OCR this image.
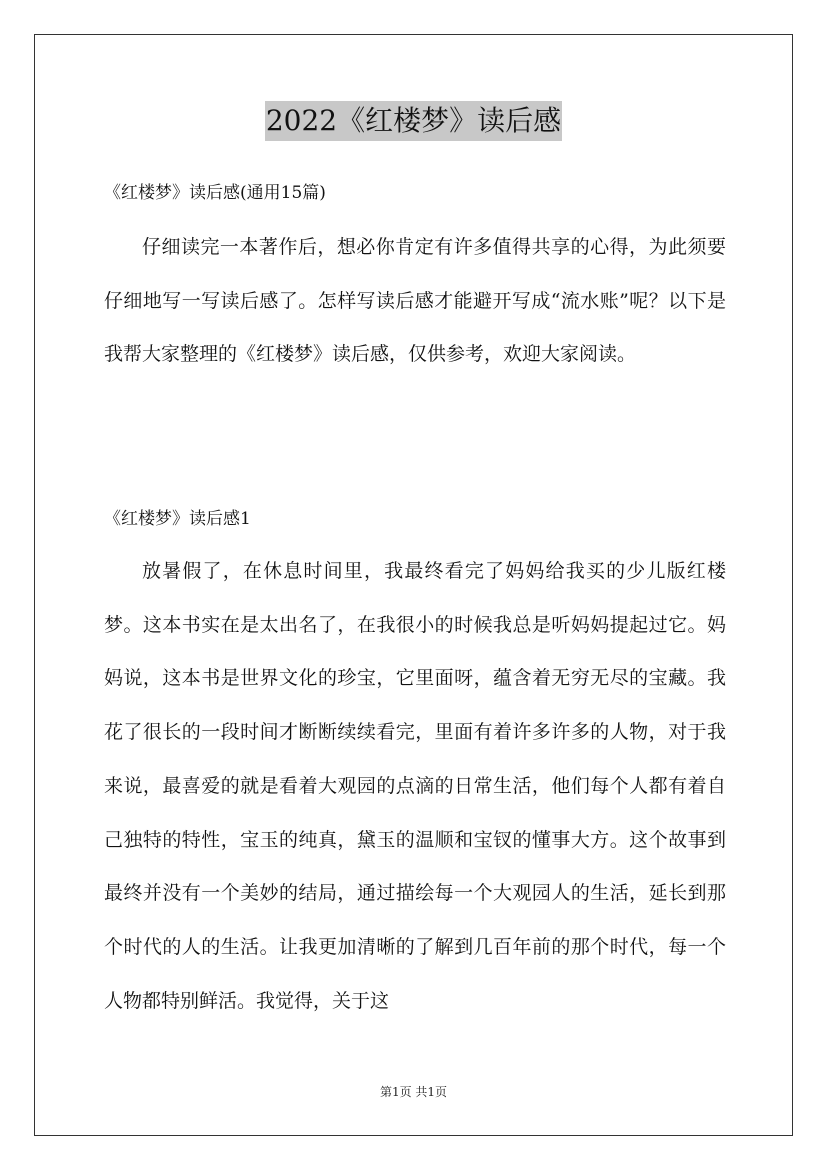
2022《红楼梦》读后感
《红楼梦》读后感(通用15篇)

仔细读完一本著作后，想必你肯定有许多值得共享的心得，为此须要仔细地写一写读后感了。怎样写读后感才能避开写成“流水账”呢？以下是我帮大家整理的《红楼梦》读后感，仅供参考，欢迎大家阅读。

《红楼梦》读后感1

放暑假了，在休息时间里，我最终看完了妈妈给我买的少儿版红楼梦。这本书实在是太出名了，在我很小的时候我总是听妈妈提起过它。妈妈说，这本书是世界文化的珍宝，它里面呀，蕴含着无穷无尽的宝藏。我花了很长的一段时间才断断续续看完，里面有着许多许多的人物，对于我来说，最喜爱的就是看着大观园的点滴的日常生活，他们每个人都有着自己独特的特性，宝玉的纯真，黛玉的温顺和宝钗的懂事大方。这个故事到最终并没有一个美妙的结局，通过描绘每一个大观园人的生活，延长到那个时代的人的生活。让我更加清晰的了解到几百年前的那个时代，每一个人物都特别鲜活。我觉得，关于这

第1页 共1页
